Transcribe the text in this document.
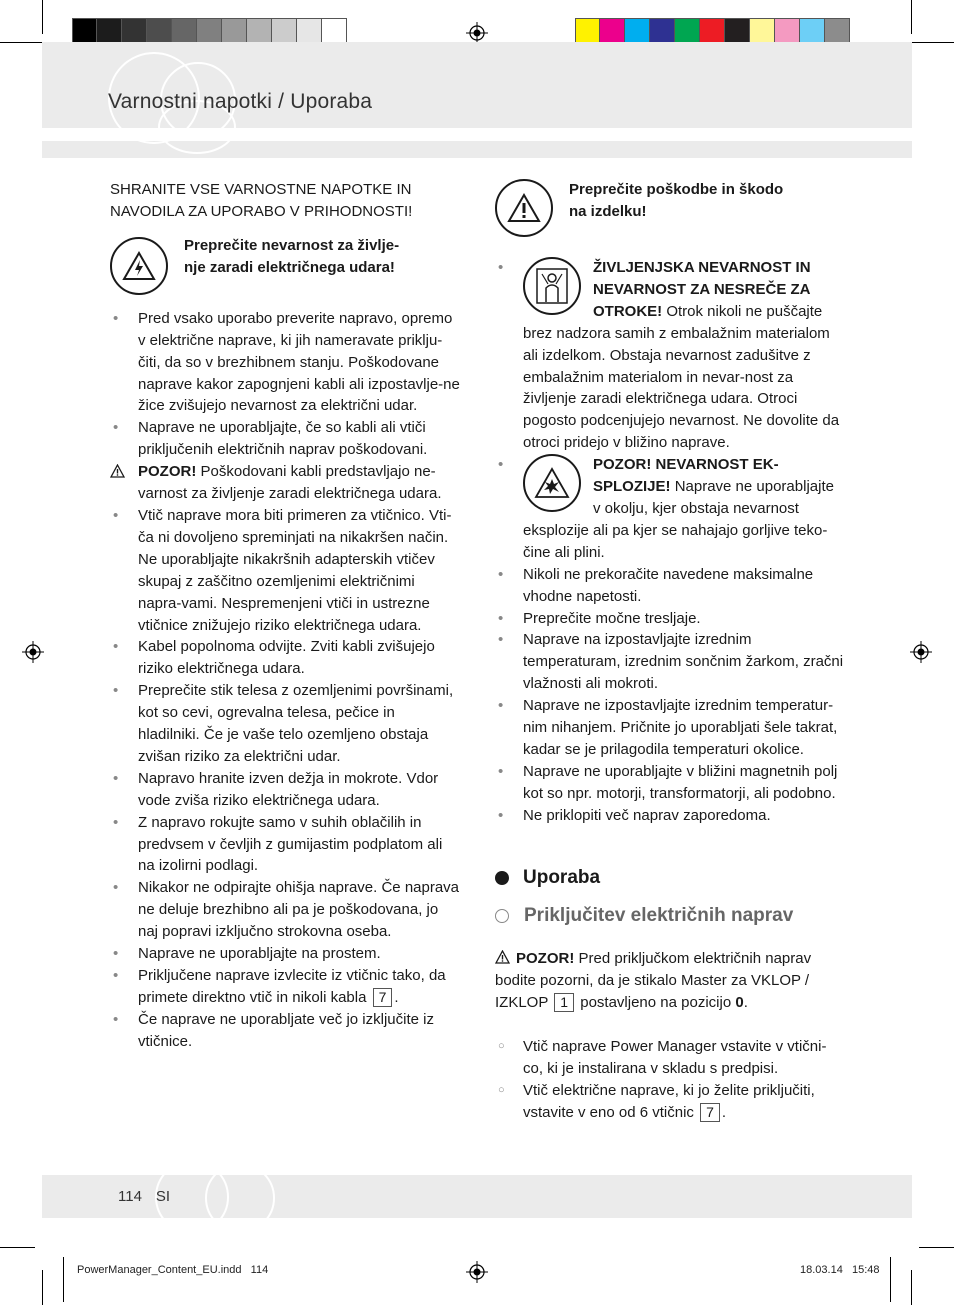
Varnostni napotki / Uporaba

SHRANITE VSE VARNOSTNE NAPOTKE IN NAVODILA ZA UPORABO V PRIHODNOSTI!

Preprečite nevarnost za življe-
nje zaradi električnega udara!
• Pred vsako uporabo preverite napravo, opremo v električne naprave, ki jih nameravate priklju-čiti, da so v brezhibnem stanju. Poškodovane naprave kakor zapognjeni kabli ali izpostavlje-ne žice zvišujejo nevarnost za električni udar.
• Naprave ne uporabljajte, če so kabli ali vtiči priključenih električnih naprav poškodovani.
POZOR! Poškodovani kabli predstavljajo ne-varnost za življenje zaradi električnega udara.
• Vtič naprave mora biti primeren za vtičnico. Vti-ča ni dovoljeno spreminjati na nikakršen način. Ne uporabljajte nikakršnih adapterskih vtičev skupaj z zaščitno ozemljenimi električnimi napra-vami. Nespremenjeni vtiči in ustrezne vtičnice znižujejo riziko električnega udara.
• Kabel popolnoma odvijte. Zviti kabli zvišujejo riziko električnega udara.
• Preprečite stik telesa z ozemljenimi površinami, kot so cevi, ogrevalna telesa, pečice in hladilniki. Če je vaše telo ozemljeno obstaja zvišan riziko za električni udar.
• Napravo hranite izven dežja in mokrote. Vdor vode zviša riziko električnega udara.
• Z napravo rokujte samo v suhih oblačilih in predvsem v čevljih z gumijastim podplatom ali na izolirni podlagi.
• Nikakor ne odpirajte ohišja naprave. Če naprava ne deluje brezhibno ali pa je poškodovana, jo naj popravi izključno strokovna oseba.
• Naprave ne uporabljajte na prostem.
• Priključene naprave izvlecite iz vtičnic tako, da primete direktno vtič in nikoli kabla 7 .
• Če naprave ne uporabljate več jo izključite iz vtičnice.
Preprečite poškodbe in škodo
na izdelku!
•	ŽIVLJENJSKA NEVARNOST IN NEVARNOST ZA NESREČE ZA OTROKE! Otrok nikoli ne puščajte brez nadzora samih z embalažnim materialom ali izdelkom. Obstaja nevarnost zadušitve z embalažnim materialom in nevar-nost za življenje zaradi električnega udara. Otroci pogosto podcenjujejo nevarnost. Ne dovolite da otroci pridejo v bližino naprave.
•	POZOR! NEVARNOST EK-SPLOZIJE! Naprave ne uporabljajte v okolju, kjer obstaja nevarnost eksplozije ali pa kjer se nahajajo gorljive teko-čine ali plini.
• Nikoli ne prekoračite navedene maksimalne vhodne napetosti.
• Preprečite močne tresljaje.
• Naprave na izpostavljajte izrednim temperaturam, izrednim sončnim žarkom, zračni vlažnosti ali mokroti.
• Naprave ne izpostavljajte izrednim temperatur-nim nihanjem. Pričnite jo uporabljati šele takrat, kadar se je prilagodila temperaturi okolice.
• Naprave ne uporabljajte v bližini magnetnih polj kot so npr. motorji, transformatorji, ali podobno.
• Ne priklopiti več naprav zaporedoma.
Uporaba
Priključitev električnih naprav

POZOR! Pred priključkom električnih naprav bodite pozorni, da je stikalo Master za VKLOP / IZKLOP 1 postavljeno na pozicijo 0.

○ Vtič naprave Power Manager vstavite v vtični-co, ki je instalirana v skladu s predpisi.
○ Vtič električne naprave, ki jo želite priključiti, vstavite v eno od 6 vtičnic 7 .
114 SI
PowerManager_Content_EU.indd   114	18.03.14   15:48
